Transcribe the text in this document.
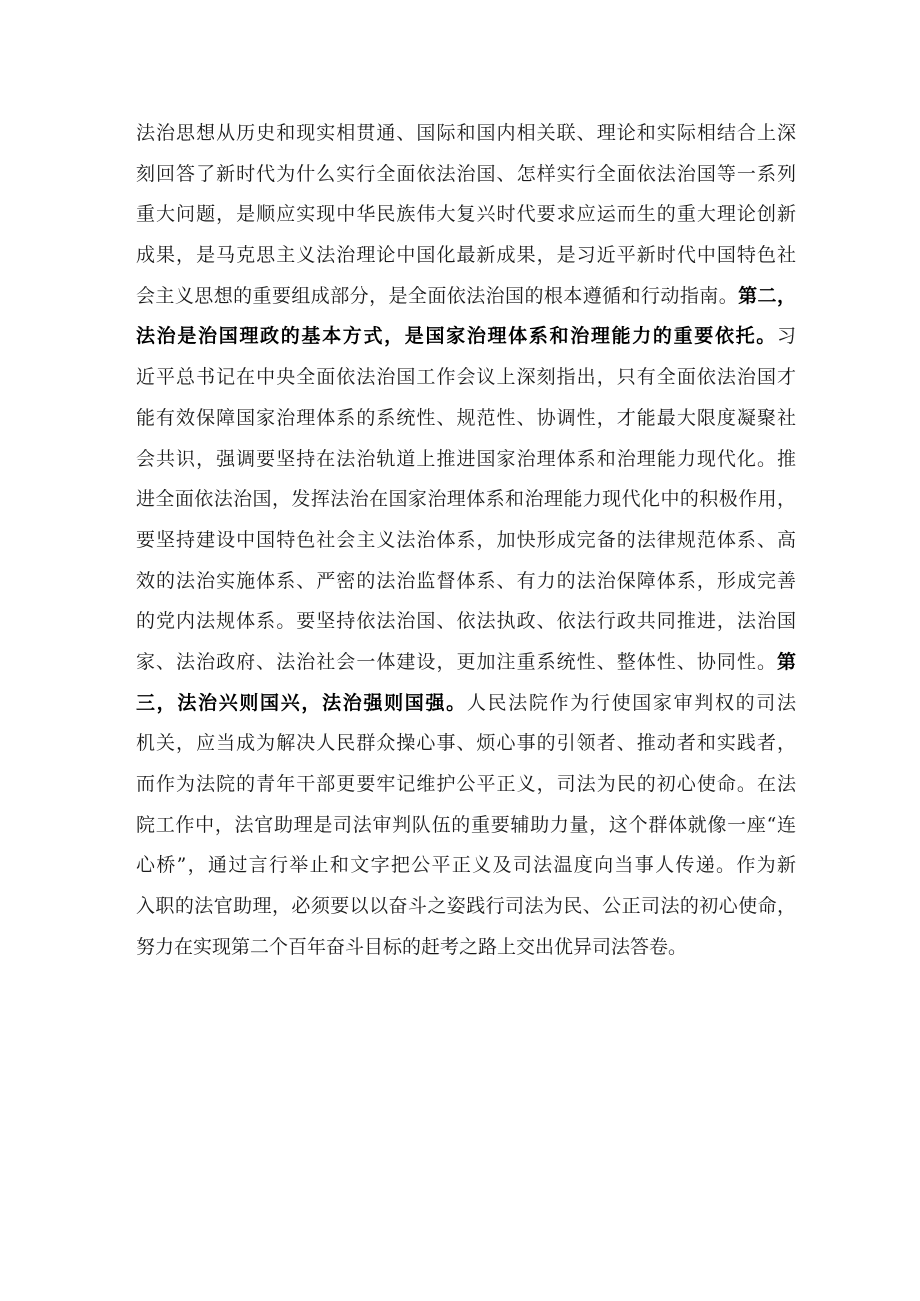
法治思想从历史和现实相贯通、国际和国内相关联、理论和实际相结合上深
刻回答了新时代为什么实行全面依法治国、怎样实行全面依法治国等一系列
重大问题，是顺应实现中华民族伟大复兴时代要求应运而生的重大理论创新
成果，是马克思主义法治理论中国化最新成果，是习近平新时代中国特色社
会主义思想的重要组成部分，是全面依法治国的根本遵循和行动指南。第二，
法治是治国理政的基本方式，是国家治理体系和治理能力的重要依托。习
近平总书记在中央全面依法治国工作会议上深刻指出，只有全面依法治国才
能有效保障国家治理体系的系统性、规范性、协调性，才能最大限度凝聚社
会共识，强调要坚持在法治轨道上推进国家治理体系和治理能力现代化。推
进全面依法治国，发挥法治在国家治理体系和治理能力现代化中的积极作用，
要坚持建设中国特色社会主义法治体系，加快形成完备的法律规范体系、高
效的法治实施体系、严密的法治监督体系、有力的法治保障体系，形成完善
的党内法规体系。要坚持依法治国、依法执政、依法行政共同推进，法治国
家、法治政府、法治社会一体建设，更加注重系统性、整体性、协同性。第
三，法治兴则国兴，法治强则国强。人民法院作为行使国家审判权的司法
机关，应当成为解决人民群众操心事、烦心事的引领者、推动者和实践者，
而作为法院的青年干部更要牢记维护公平正义，司法为民的初心使命。在法
院工作中，法官助理是司法审判队伍的重要辅助力量，这个群体就像一座“连
心桥”，通过言行举止和文字把公平正义及司法温度向当事人传递。作为新
入职的法官助理，必须要以以奋斗之姿践行司法为民、公正司法的初心使命，
努力在实现第二个百年奋斗目标的赶考之路上交出优异司法答卷。
